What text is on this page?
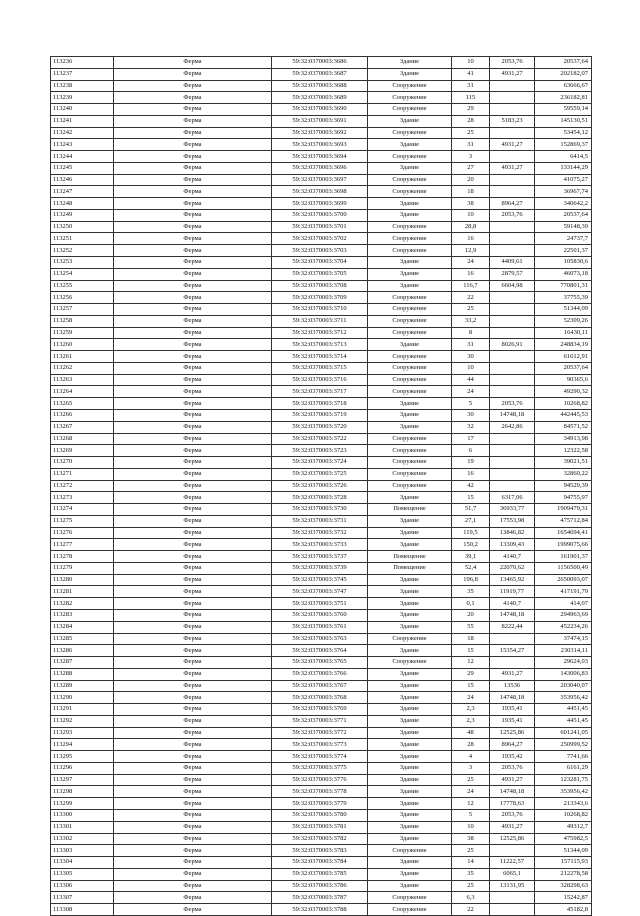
113236	Ферма	59:32:0370003:3686	Здание	10	2053,76	20537,64
113237	Ферма	59:32:0370003:3687	Здание	41	4931,27	202182,07
113238	Ферма	59:32:0370003:3688	Сооружение	31		63666,67
113239	Ферма	59:32:0370003:3689	Сооружение	115		236182,81
113240	Ферма	59:32:0370003:3690	Сооружение	29		59559,14
113241	Ферма	59:32:0370003:3691	Здание	28	5183,23	145130,51
113242	Ферма	59:32:0370003:3692	Сооружение	25		53454,12
113243	Ферма	59:32:0370003:3693	Здание	31	4931,27	152869,37
113244	Ферма	59:32:0370003:3694	Сооружение	3		6414,5
113245	Ферма	59:32:0370003:3696	Здание	27	4931,27	133144,29
113246	Ферма	59:32:0370003:3697	Сооружение	20		41075,27
113247	Ферма	59:32:0370003:3698	Сооружение	18		36967,74
113248	Ферма	59:32:0370003:3699	Здание	38	8964,27	340642,2
113249	Ферма	59:32:0370003:3700	Здание	10	2053,76	20537,64
113250	Ферма	59:32:0370003:3701	Сооружение	28,8		59148,39
113251	Ферма	59:32:0370003:3702	Сооружение	16		24737,7
113252	Ферма	59:32:0370003:3703	Сооружение	12,9		22501,37
113253	Ферма	59:32:0370003:3704	Здание	24	4409,61	105830,6
113254	Ферма	59:32:0370003:3705	Здание	16	2879,57	46073,18
113255	Ферма	59:32:0370003:3708	Здание	116,7	6604,98	770801,31
113256	Ферма	59:32:0370003:3709	Сооружение	22		37755,39
113257	Ферма	59:32:0370003:3710	Сооружение	25		51344,09
113258	Ферма	59:32:0370003:3711	Сооружение	33,2		52309,26
113259	Ферма	59:32:0370003:3712	Сооружение	8		16430,11
113260	Ферма	59:32:0370003:3713	Здание	31	8026,91	248834,19
113261	Ферма	59:32:0370003:3714	Сооружение	30		61612,91
113262	Ферма	59:32:0370003:3715	Сооружение	10		20537,64
113263	Ферма	59:32:0370003:3716	Сооружение	44		90365,6
113264	Ферма	59:32:0370003:3717	Сооружение	24		49290,32
113265	Ферма	59:32:0370003:3718	Здание	5	2053,76	10268,82
113266	Ферма	59:32:0370003:3719	Здание	30	14748,18	442445,53
113267	Ферма	59:32:0370003:3720	Здание	32	2642,86	84571,52
113268	Ферма	59:32:0370003:3722	Сооружение	17		34913,98
113269	Ферма	59:32:0370003:3723	Сооружение	6		12322,58
113270	Ферма	59:32:0370003:3724	Сооружение	19		39021,51
113271	Ферма	59:32:0370003:3725	Сооружение	16		32860,22
113272	Ферма	59:32:0370003:3726	Сооружение	42		94529,39
113273	Ферма	59:32:0370003:3728	Здание	15	6317,06	94755,97
113274	Ферма	59:32:0370003:3730	Помещение	51,7	36933,77	1909479,31
113275	Ферма	59:32:0370003:3731	Здание	27,1	17553,98	475712,84
113276	Ферма	59:32:0370003:3732	Здание	119,5	13846,82	1654694,41
113277	Ферма	59:32:0370003:3733	Здание	150,2	13309,43	1999075,66
113278	Ферма	59:32:0370003:3737	Помещение	39,1	4140,7	161901,37
113279	Ферма	59:32:0370003:3739	Помещение	52,4	22070,62	1156500,49
113280	Ферма	59:32:0370003:3745	Здание	196,8	13465,92	2650093,07
113281	Ферма	59:32:0370003:3747	Здание	35	11919,77	417191,79
113282	Ферма	59:32:0370003:3751	Здание	0,1	4140,7	414,07
113283	Ферма	59:32:0370003:3760	Здание	20	14748,18	294963,69
113284	Ферма	59:32:0370003:3761	Здание	55	8222,44	452234,26
113285	Ферма	59:32:0370003:3763	Сооружение	18		37474,15
113286	Ферма	59:32:0370003:3764	Здание	15	15354,27	230314,11
113287	Ферма	59:32:0370003:3765	Сооружение	12		29624,03
113288	Ферма	59:32:0370003:3766	Здание	29	4931,27	143006,83
113289	Ферма	59:32:0370003:3767	Здание	15	13536	203040,07
113290	Ферма	59:32:0370003:3768	Здание	24	14748,18	353956,42
113291	Ферма	59:32:0370003:3769	Здание	2,3	1935,41	4451,45
113292	Ферма	59:32:0370003:3771	Здание	2,3	1935,41	4451,45
113293	Ферма	59:32:0370003:3772	Здание	48	12525,86	601241,05
113294	Ферма	59:32:0370003:3773	Здание	28	8964,27	250999,52
113295	Ферма	59:32:0370003:3774	Здание	4	1935,42	7741,66
113296	Ферма	59:32:0370003:3775	Здание	3	2053,76	6161,29
113297	Ферма	59:32:0370003:3776	Здание	25	4931,27	123281,75
113298	Ферма	59:32:0370003:3778	Здание	24	14748,18	353956,42
113299	Ферма	59:32:0370003:3779	Здание	12	17778,63	213343,6
113300	Ферма	59:32:0370003:3780	Здание	5	2053,76	10268,82
113301	Ферма	59:32:0370003:3781	Здание	10	4931,27	49312,7
113302	Ферма	59:32:0370003:3782	Здание	38	12525,86	475982,5
113303	Ферма	59:32:0370003:3783	Сооружение	25		51344,09
113304	Ферма	59:32:0370003:3784	Здание	14	11222,57	157115,93
113305	Ферма	59:32:0370003:3785	Здание	35	6065,1	212278,58
113306	Ферма	59:32:0370003:3786	Здание	25	13131,95	328298,63
113307	Ферма	59:32:0370003:3787	Сооружение	6,3		15242,87
113308	Ферма	59:32:0370003:3788	Сооружение	22		45182,8
